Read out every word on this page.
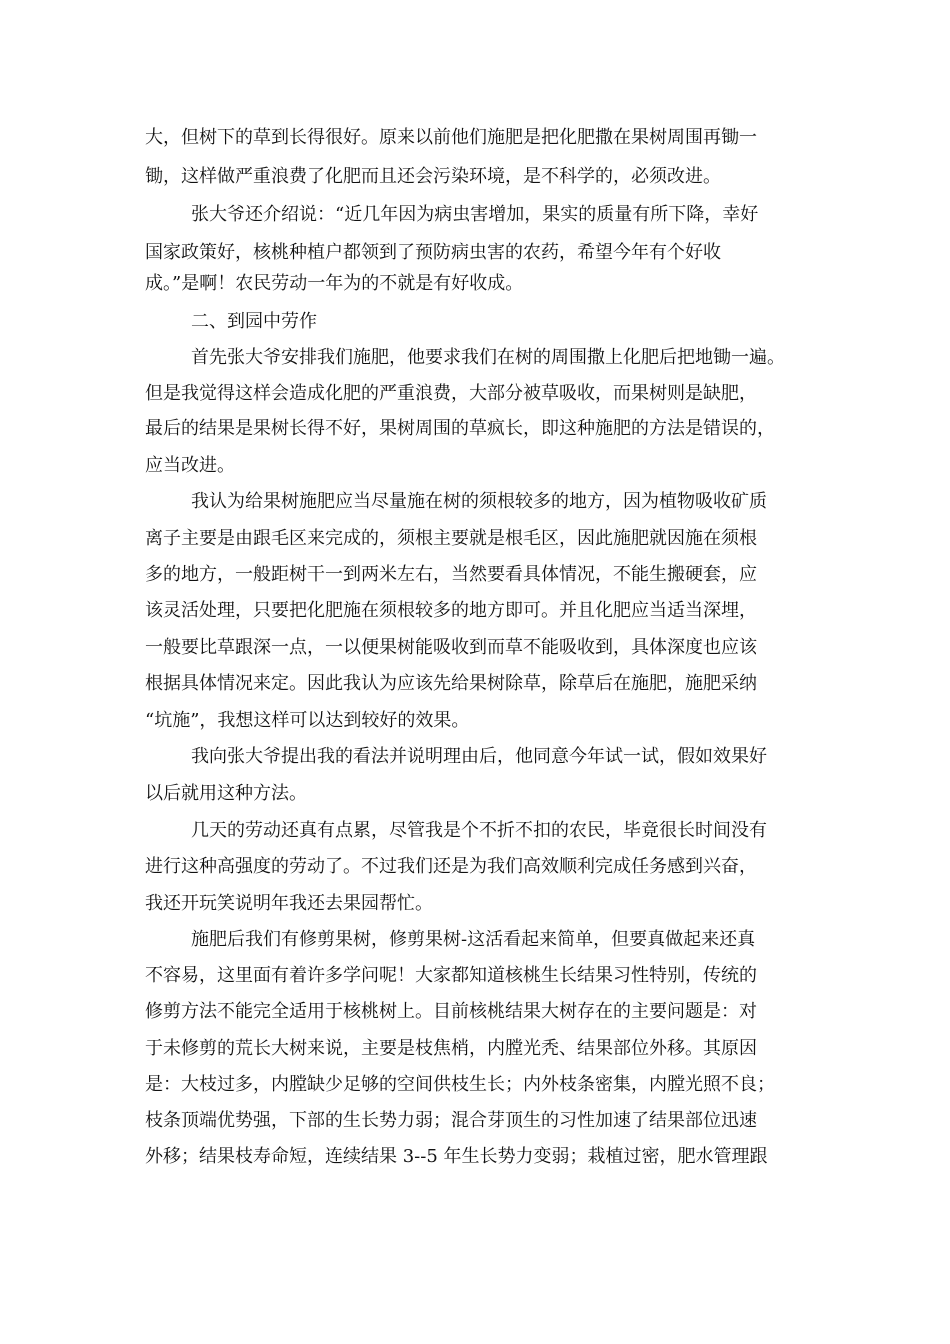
大，但树下的草到长得很好。原来以前他们施肥是把化肥撒在果树周围再锄一

锄，这样做严重浪费了化肥而且还会污染环境，是不科学的，必须改进。

张大爷还介绍说：“近几年因为病虫害增加，果实的质量有所下降，幸好

国家政策好，核桃种植户都领到了预防病虫害的农药，希望今年有个好收

成。”是啊！农民劳动一年为的不就是有好收成。

二、到园中劳作

首先张大爷安排我们施肥，他要求我们在树的周围撒上化肥后把地锄一遍。

但是我觉得这样会造成化肥的严重浪费，大部分被草吸收，而果树则是缺肥，

最后的结果是果树长得不好，果树周围的草疯长，即这种施肥的方法是错误的，

应当改进。

我认为给果树施肥应当尽量施在树的须根较多的地方，因为植物吸收矿质

离子主要是由跟毛区来完成的，须根主要就是根毛区，因此施肥就因施在须根

多的地方，一般距树干一到两米左右，当然要看具体情况，不能生搬硬套，应

该灵活处理，只要把化肥施在须根较多的地方即可。并且化肥应当适当深埋，

一般要比草跟深一点，一以便果树能吸收到而草不能吸收到，具体深度也应该

根据具体情况来定。因此我认为应该先给果树除草，除草后在施肥，施肥采纳

“坑施”，我想这样可以达到较好的效果。

我向张大爷提出我的看法并说明理由后，他同意今年试一试，假如效果好

以后就用这种方法。

几天的劳动还真有点累，尽管我是个不折不扣的农民，毕竟很长时间没有

进行这种高强度的劳动了。不过我们还是为我们高效顺利完成任务感到兴奋，

我还开玩笑说明年我还去果园帮忙。

施肥后我们有修剪果树，修剪果树-这活看起来简单，但要真做起来还真

不容易，这里面有着许多学问呢！大家都知道核桃生长结果习性特别，传统的

修剪方法不能完全适用于核桃树上。目前核桃结果大树存在的主要问题是：对

于未修剪的荒长大树来说，主要是枝焦梢，内膛光秃、结果部位外移。其原因

是：大枝过多，内膛缺少足够的空间供枝生长；内外枝条密集，内膛光照不良；

枝条顶端优势强，下部的生长势力弱；混合芽顶生的习性加速了结果部位迅速

外移；结果枝寿命短，连续结果 3--5 年生长势力变弱；栽植过密，肥水管理跟
